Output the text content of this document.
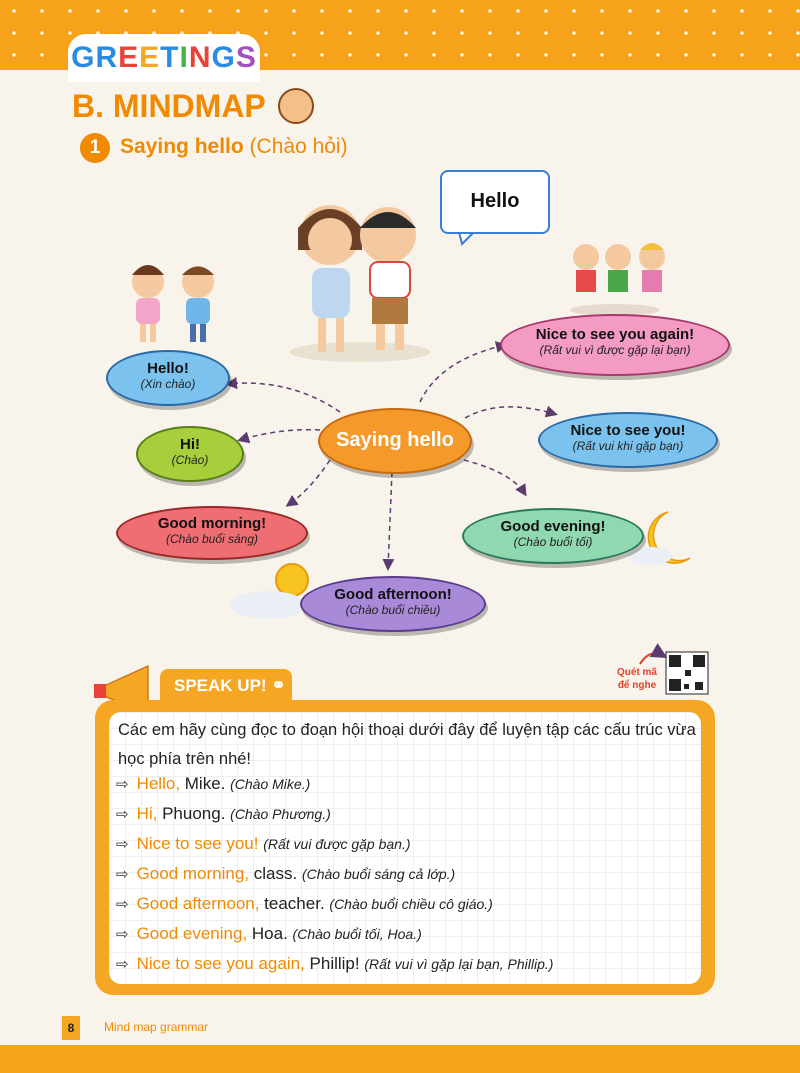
G R E E T I N G S
B. MINDMAP
1 Saying hello (Chào hỏi)
Hello
Saying hello
Hello!
(Xin chào)
Hi!
(Chào)
Good morning!
(Chào buổi sáng)
Good afternoon!
(Chào buổi chiều)
Good evening!
(Chào buổi tối)
Nice to see you!
(Rất vui khi gặp bạn)
Nice to see you again!
(Rất vui vì được gặp lại bạn)
Quét mã
để nghe
SPEAK UP! ⚭
Các em hãy cùng đọc to đoạn hội thoại dưới đây để luyện tập các cấu trúc vừa học phía trên nhé!
⇨ Hello, Mike. (Chào Mike.)
⇨ Hi, Phuong. (Chào Phương.)
⇨ Nice to see you! (Rất vui được gặp bạn.)
⇨ Good morning, class. (Chào buổi sáng cả lớp.)
⇨ Good afternoon, teacher. (Chào buổi chiều cô giáo.)
⇨ Good evening, Hoa. (Chào buổi tối, Hoa.)
⇨ Nice to see you again, Phillip! (Rất vui vì gặp lại bạn, Phillip.)
8	Mind map grammar
